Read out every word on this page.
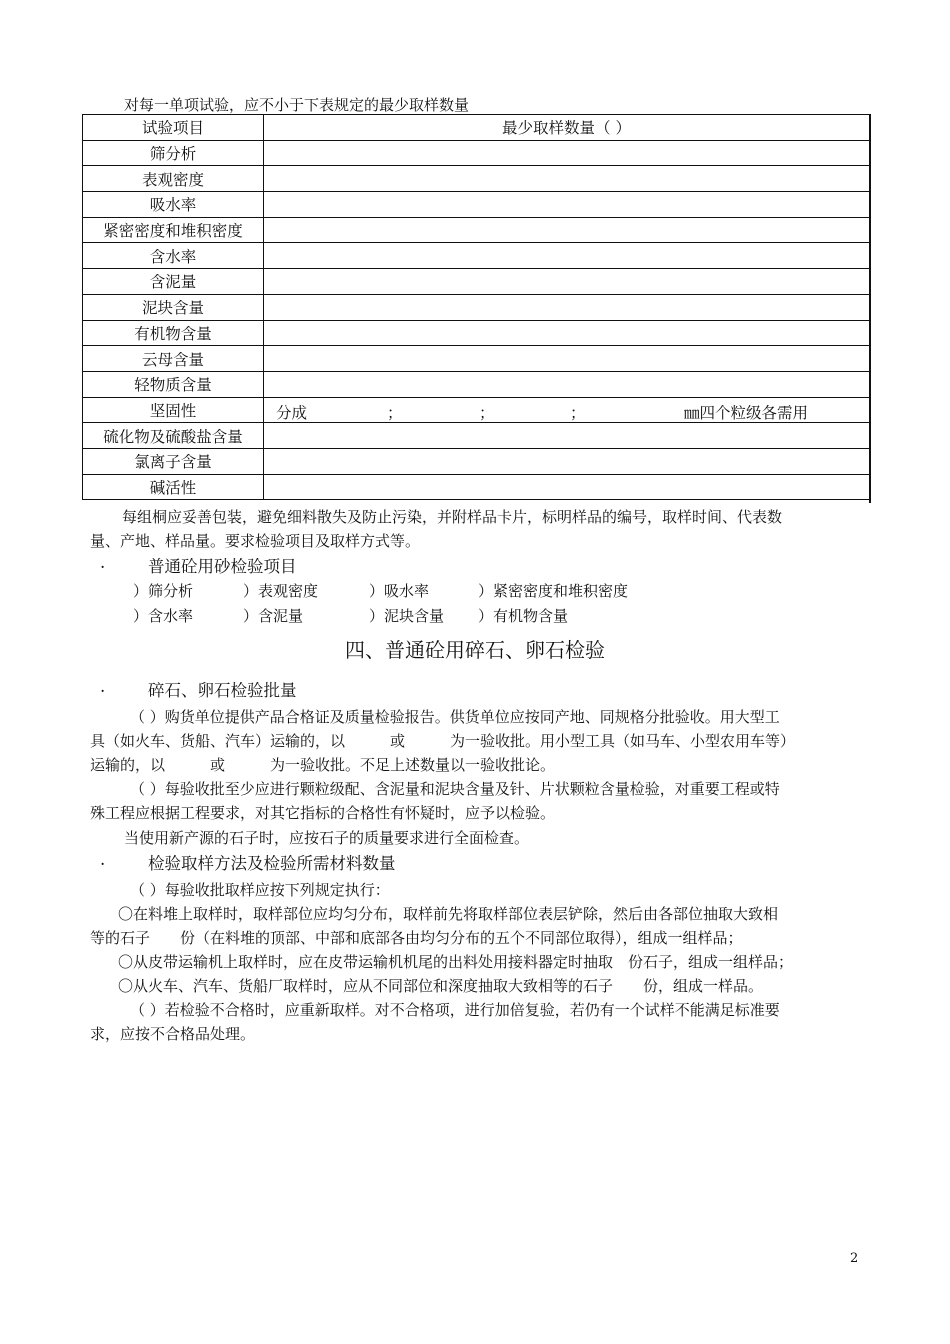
对每一单项试验，应不小于下表规定的最少取样数量
试验项目	最少取样数量（ ）
筛分析	
表观密度	
吸水率	
紧密密度和堆积密度	
含水率	
含泥量	
泥块含量	
有机物含量	
云母含量	
轻物质含量	
坚固性	分成 ； ； ； ㎜四个粒级各需用

硫化物及硫酸盐含量	
氯离子含量	
碱活性	

每组桐应妥善包装，避免细料散失及防止污染，并附样品卡片，标明样品的编号，取样时间、代表数

量、产地、样品量。要求检验项目及取样方式等。

.	普通砼用砂检验项目
）筛分析	）表观密度	）吸水率	）紧密密度和堆积密度
）含水率	）含泥量	）泥块含量 ）有机物含量
四、普通砼用碎石、卵石检验
.	碎石、卵石检验批量

（ ）购货单位提供产品合格证及质量检验报告。供货单位应按同产地、同规格分批验收。用大型工

具（如火车、货船、汽车）运输的，以　　　或　　　为一验收批。用小型工具（如马车、小型农用车等）

运输的，以　　　或　　　为一验收批。不足上述数量以一验收批论。

（ ）每验收批至少应进行颗粒级配、含泥量和泥块含量及针、片状颗粒含量检验，对重要工程或特

殊工程应根据工程要求，对其它指标的合格性有怀疑时，应予以检验。

当使用新产源的石子时，应按石子的质量要求进行全面检查。

.	检验取样方法及检验所需材料数量

（ ）每验收批取样应按下列规定执行：

〇在料堆上取样时，取样部位应均匀分布，取样前先将取样部位表层铲除，然后由各部位抽取大致相

等的石子　　份（在料堆的顶部、中部和底部各由均匀分布的五个不同部位取得），组成一组样品；

〇从皮带运输机上取样时，应在皮带运输机机尾的出料处用接料器定时抽取　份石子，组成一组样品；

〇从火车、汽车、货船厂取样时，应从不同部位和深度抽取大致相等的石子　　份，组成一样品。

（ ）若检验不合格时，应重新取样。对不合格项，进行加倍复验，若仍有一个试样不能满足标准要

求，应按不合格品处理。

2
